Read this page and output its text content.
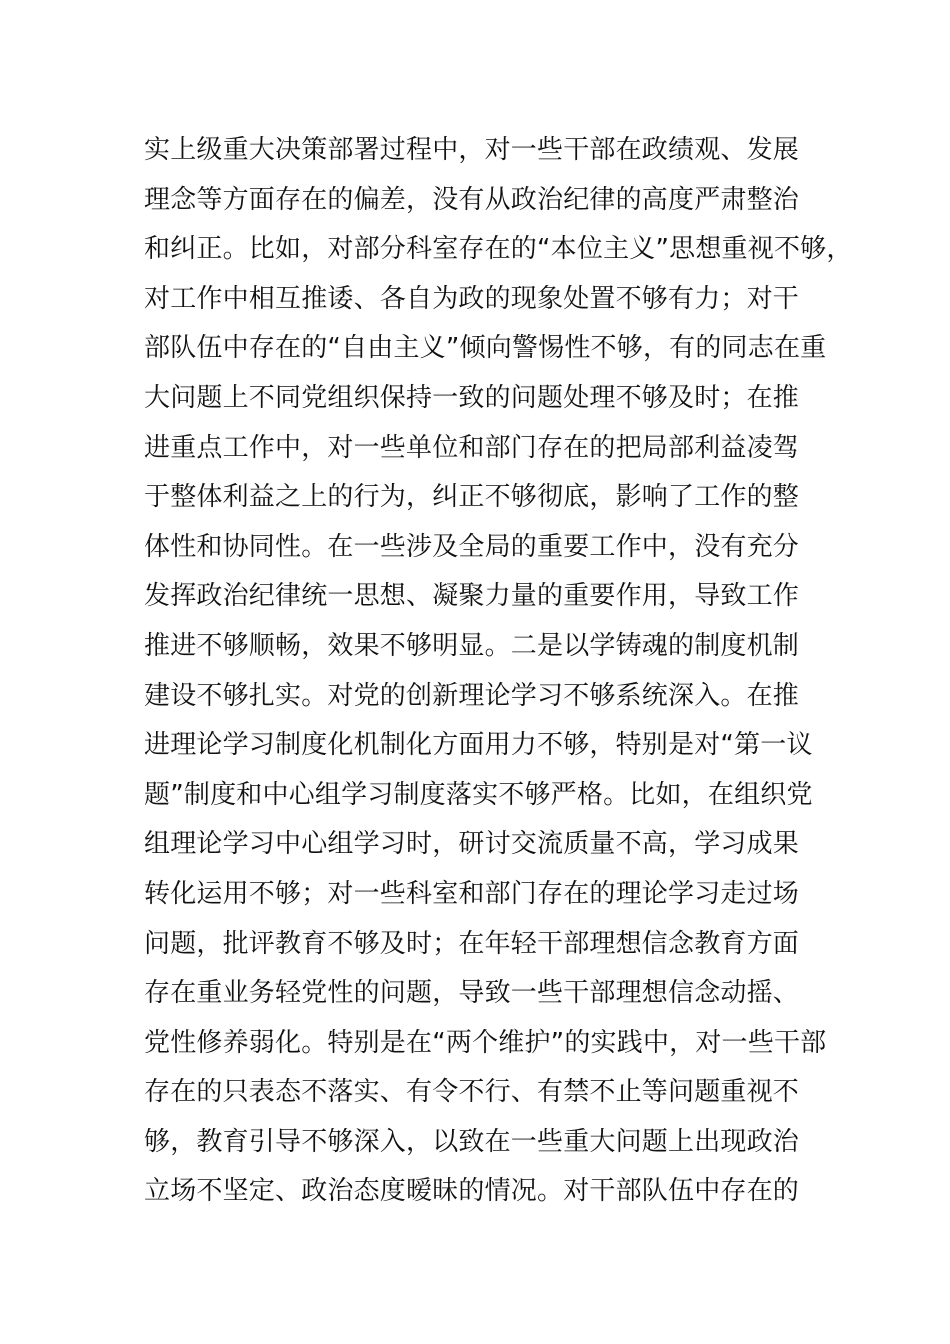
实上级重大决策部署过程中，对一些干部在政绩观、发展
理念等方面存在的偏差，没有从政治纪律的高度严肃整治
和纠正。比如，对部分科室存在的“本位主义”思想重视不够，
对工作中相互推诿、各自为政的现象处置不够有力；对干
部队伍中存在的“自由主义”倾向警惕性不够，有的同志在重
大问题上不同党组织保持一致的问题处理不够及时；在推
进重点工作中，对一些单位和部门存在的把局部利益凌驾
于整体利益之上的行为，纠正不够彻底，影响了工作的整
体性和协同性。在一些涉及全局的重要工作中，没有充分
发挥政治纪律统一思想、凝聚力量的重要作用，导致工作
推进不够顺畅，效果不够明显。二是以学铸魂的制度机制
建设不够扎实。对党的创新理论学习不够系统深入。在推
进理论学习制度化机制化方面用力不够，特别是对“第一议
题”制度和中心组学习制度落实不够严格。比如，在组织党
组理论学习中心组学习时，研讨交流质量不高，学习成果
转化运用不够；对一些科室和部门存在的理论学习走过场
问题，批评教育不够及时；在年轻干部理想信念教育方面
存在重业务轻党性的问题，导致一些干部理想信念动摇、
党性修养弱化。特别是在“两个维护”的实践中，对一些干部
存在的只表态不落实、有令不行、有禁不止等问题重视不
够，教育引导不够深入，以致在一些重大问题上出现政治
立场不坚定、政治态度暧昧的情况。对干部队伍中存在的
